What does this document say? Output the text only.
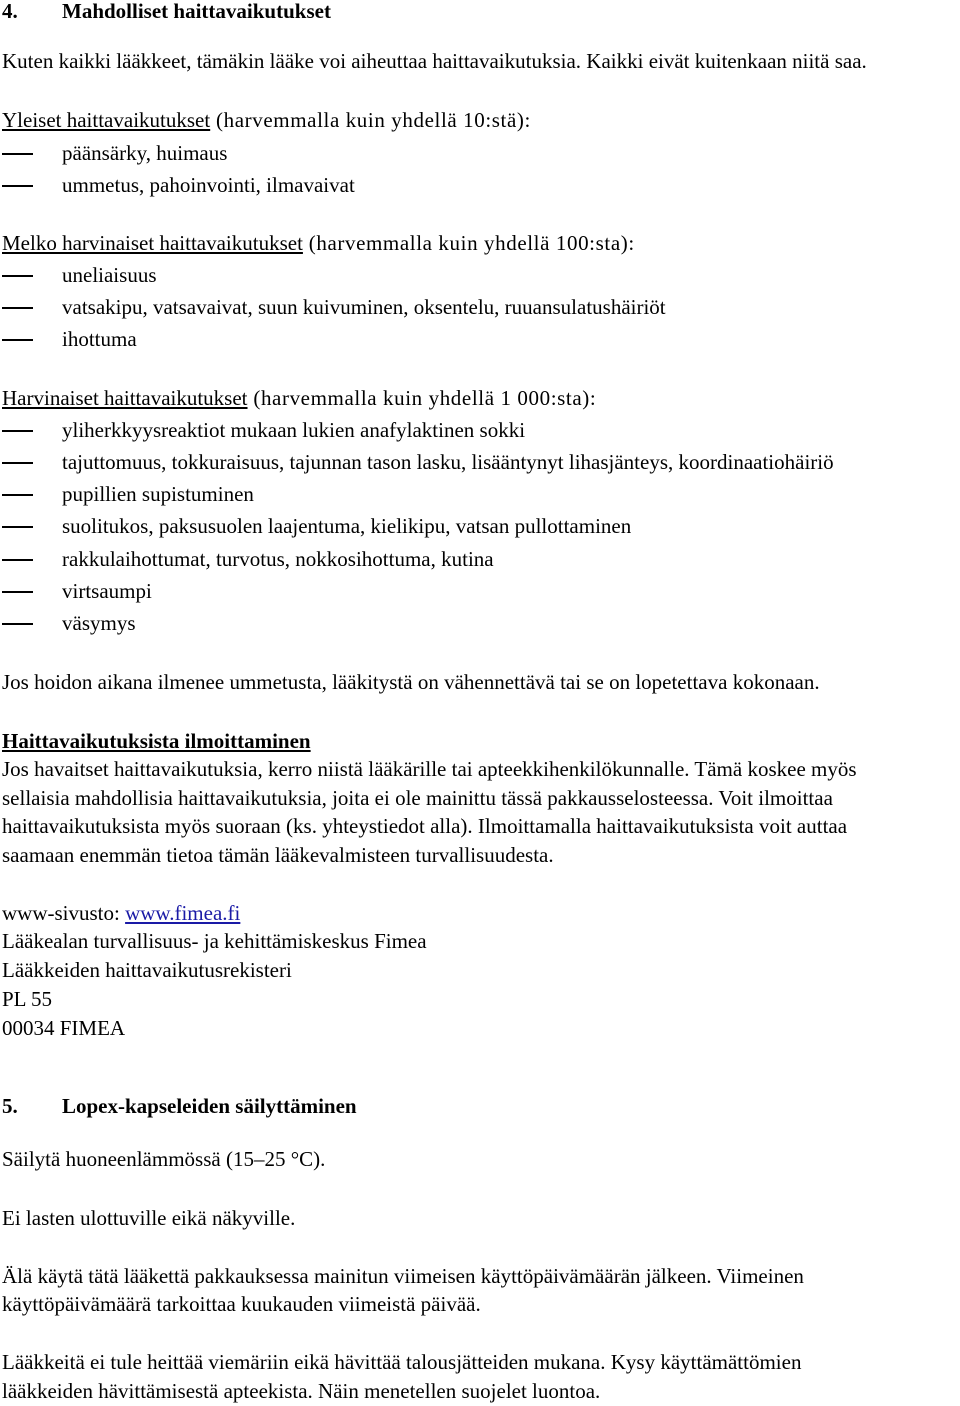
4. Mahdolliset haittavaikutukset
Kuten kaikki lääkkeet, tämäkin lääke voi aiheuttaa haittavaikutuksia. Kaikki eivät kuitenkaan niitä saa.
Yleiset haittavaikutukset (harvemmalla kuin yhdellä 10:stä):
päänsärky, huimaus
ummetus, pahoinvointi, ilmavaivat
Melko harvinaiset haittavaikutukset (harvemmalla kuin yhdellä 100:sta):
uneliaisuus
vatsakipu, vatsavaivat, suun kuivuminen, oksentelu, ruuansulatushäiriöt
ihottuma
Harvinaiset haittavaikutukset (harvemmalla kuin yhdellä 1 000:sta):
yliherkkyysreaktiot mukaan lukien anafylaktinen sokki
tajuttomuus, tokkuraisuus, tajunnan tason lasku, lisääntynyt lihasjänteys, koordinaatiohäiriö
pupillien supistuminen
suolitukos, paksusuolen laajentuma, kielikipu, vatsan pullottaminen
rakkulaihottumat, turvotus, nokkosihottuma, kutina
virtsaumpi
väsymys
Jos hoidon aikana ilmenee ummetusta, lääkitystä on vähennettävä tai se on lopetettava kokonaan.
Haittavaikutuksista ilmoittaminen
Jos havaitset haittavaikutuksia, kerro niistä lääkärille tai apteekkihenkilökunnalle. Tämä koskee myös
sellaisia mahdollisia haittavaikutuksia, joita ei ole mainittu tässä pakkausselosteessa. Voit ilmoittaa
haittavaikutuksista myös suoraan (ks. yhteystiedot alla). Ilmoittamalla haittavaikutuksista voit auttaa
saamaan enemmän tietoa tämän lääkevalmisteen turvallisuudesta.
www-sivusto: www.fimea.fi
Lääkealan turvallisuus- ja kehittämiskeskus Fimea
Lääkkeiden haittavaikutusrekisteri
PL 55
00034 FIMEA
5. Lopex-kapseleiden säilyttäminen
Säilytä huoneenlämmössä (15–25 °C).
Ei lasten ulottuville eikä näkyville.
Älä käytä tätä lääkettä pakkauksessa mainitun viimeisen käyttöpäivämäärän jälkeen. Viimeinen
käyttöpäivämäärä tarkoittaa kuukauden viimeistä päivää.
Lääkkeitä ei tule heittää viemäriin eikä hävittää talousjätteiden mukana. Kysy käyttämättömien
lääkkeiden hävittämisestä apteekista. Näin menetellen suojelet luontoa.
